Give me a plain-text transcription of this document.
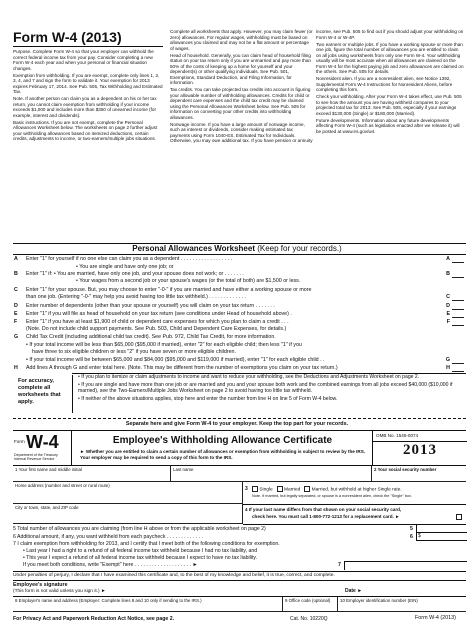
Form W-4 (2013)

Purpose. Complete Form W-4 so that your employer can withhold the correct federal income tax from your pay. Consider completing a new Form W-4 each year and when your personal or financial situation changes.

Exemption from withholding. If you are exempt, complete only lines 1, 2, 3, 4, and 7 and sign the form to validate it. Your exemption for 2013 expires February 17, 2014. See Pub. 505, Tax Withholding and Estimated Tax.

Note. If another person can claim you as a dependent on his or her tax return, you cannot claim exemption from withholding if your income exceeds $1,000 and includes more than $350 of unearned income (for example, interest and dividends).

Basic instructions. If you are not exempt, complete the Personal Allowances Worksheet below. The worksheets on page 2 further adjust your withholding allowances based on itemized deductions, certain credits, adjustments to income, or two-earners/multiple jobs situations.

Complete all worksheets that apply. However, you may claim fewer (or zero) allowances. For regular wages, withholding must be based on allowances you claimed and may not be a flat amount or percentage of wages.

Head of household. Generally, you can claim head of household filing status on your tax return only if you are unmarried and pay more than 50% of the costs of keeping up a home for yourself and your dependent(s) or other qualifying individuals. See Pub. 501, Exemptions, Standard Deduction, and Filing Information, for information.

Tax credits. You can take projected tax credits into account in figuring your allowable number of withholding allowances. Credits for child or dependent care expenses and the child tax credit may be claimed using the Personal Allowances Worksheet below. See Pub. 505 for information on converting your other credits into withholding allowances.

Nonwage income. If you have a large amount of nonwage income, such as interest or dividends, consider making estimated tax payments using Form 1040-ES, Estimated Tax for Individuals. Otherwise, you may owe additional tax. If you have pension or annuity

income, see Pub. 505 to find out if you should adjust your withholding on Form W-4 or W-4P.

Two earners or multiple jobs. If you have a working spouse or more than one job, figure the total number of allowances you are entitled to claim on all jobs using worksheets from only one Form W-4. Your withholding usually will be most accurate when all allowances are claimed on the Form W-4 for the highest paying job and zero allowances are claimed on the others. See Pub. 505 for details.

Nonresident alien. If you are a nonresident alien, see Notice 1392, Supplemental Form W-4 Instructions for Nonresident Aliens, before completing this form.

Check your withholding. After your Form W-4 takes effect, use Pub. 505 to see how the amount you are having withheld compares to your projected total tax for 2013. See Pub. 505, especially if your earnings exceed $130,000 (Single) or $180,000 (Married).

Future developments. Information about any future developments affecting Form W-4 (such as legislation enacted after we release it) will be posted at www.irs.gov/w4.

Personal Allowances Worksheet (Keep for your records.)
A Enter "1" for yourself if no one else can claim you as a dependent . . . . . . . . . . . . . . . . . .	A
• You are single and have only one job; or
B Enter "1" if: • You are married, have only one job, and your spouse does not work; or . . . . . . .	B
• Your wages from a second job or your spouse's wages (or the total of both) are $1,500 or less.
C Enter "1" for your spouse. But, you may choose to enter "-0-" if you are married and have either a working spouse or more
than one job. (Entering "-0-" may help you avoid having too little tax withheld.) . . . . . . . . . . . . .	C
D Enter number of dependents (other than your spouse or yourself) you will claim on your tax return . . . . . . .	D
E Enter "1" if you will file as head of household on your tax return (see conditions under Head of household above) .	E
F Enter "1" if you have at least $1,900 of child or dependent care expenses for which you plan to claim a credit . . .	F
(Note. Do not include child support payments. See Pub. 503, Child and Dependent Care Expenses, for details.)
G Child Tax Credit (including additional child tax credit). See Pub. 972, Child Tax Credit, for more information.
• If your total income will be less than $65,000 ($95,000 if married), enter "2" for each eligible child; then less "1" if you
have three to six eligible children or less "2" if you have seven or more eligible children.
• If your total income will be between $65,000 and $84,000 ($95,000 and $119,000 if married), enter "1" for each eligible child . .	G
H Add lines A through G and enter total here. (Note. This may be different from the number of exemptions you claim on your tax return.)	H
For accuracy, complete all worksheets that apply.
• If you plan to itemize or claim adjustments to income and want to reduce your withholding, see the Deductions and Adjustments Worksheet on page 2.
• If you are single and have more than one job or are married and you and your spouse both work and the combined earnings from all jobs exceed $40,000 ($10,000 if married), see the Two-Earners/Multiple Jobs Worksheet on page 2 to avoid having too little tax withheld.
• If neither of the above situations applies, stop here and enter the number from line H on line 5 of Form W-4 below.
Separate here and give Form W-4 to your employer. Keep the top part for your records.
Form W-4
Department of the Treasury Internal Revenue Service
Employee's Withholding Allowance Certificate
► Whether you are entitled to claim a certain number of allowances or exemption from withholding is subject to review by the IRS. Your employer may be required to send a copy of this form to the IRS.
OMB No. 1545-0074
2013
1 Your first name and middle initial	Last name	2 Your social security number
Home address (number and street or rural route)
3	Single Married Married, but withhold at higher Single rate.
Note. If married, but legally separated, or spouse is a nonresident alien, check the "Single" box.
City or town, state, and ZIP code	4 If your last name differs from that shown on your social security card,
check here. You must call 1-800-772-1213 for a replacement card. ►
5 Total number of allowances you are claiming (from line H above or from the applicable worksheet on page 2)	5
6 Additional amount, if any, you want withheld from each paycheck . . . . . . . . . . . . .	6 $
7 I claim exemption from withholding for 2013, and I certify that I meet both of the following conditions for exemption.
• Last year I had a right to a refund of all federal income tax withheld because I had no tax liability, and
• This year I expect a refund of all federal income tax withheld because I expect to have no tax liability.
If you meet both conditions, write "Exempt" here . . . . . . . . . . . . . . . . . . . . ►	7
Under penalties of perjury, I declare that I have examined this certificate and, to the best of my knowledge and belief, it is true, correct, and complete.
Employee's signature
(This form is not valid unless you sign it.) ►	Date ►
8 Employer's name and address (Employer: Complete lines 8 and 10 only if sending to the IRS.)	9 Office code (optional)	10 Employer identification number (EIN)
For Privacy Act and Paperwork Reduction Act Notice, see page 2.	Cat. No. 10220Q	Form W-4 (2013)
